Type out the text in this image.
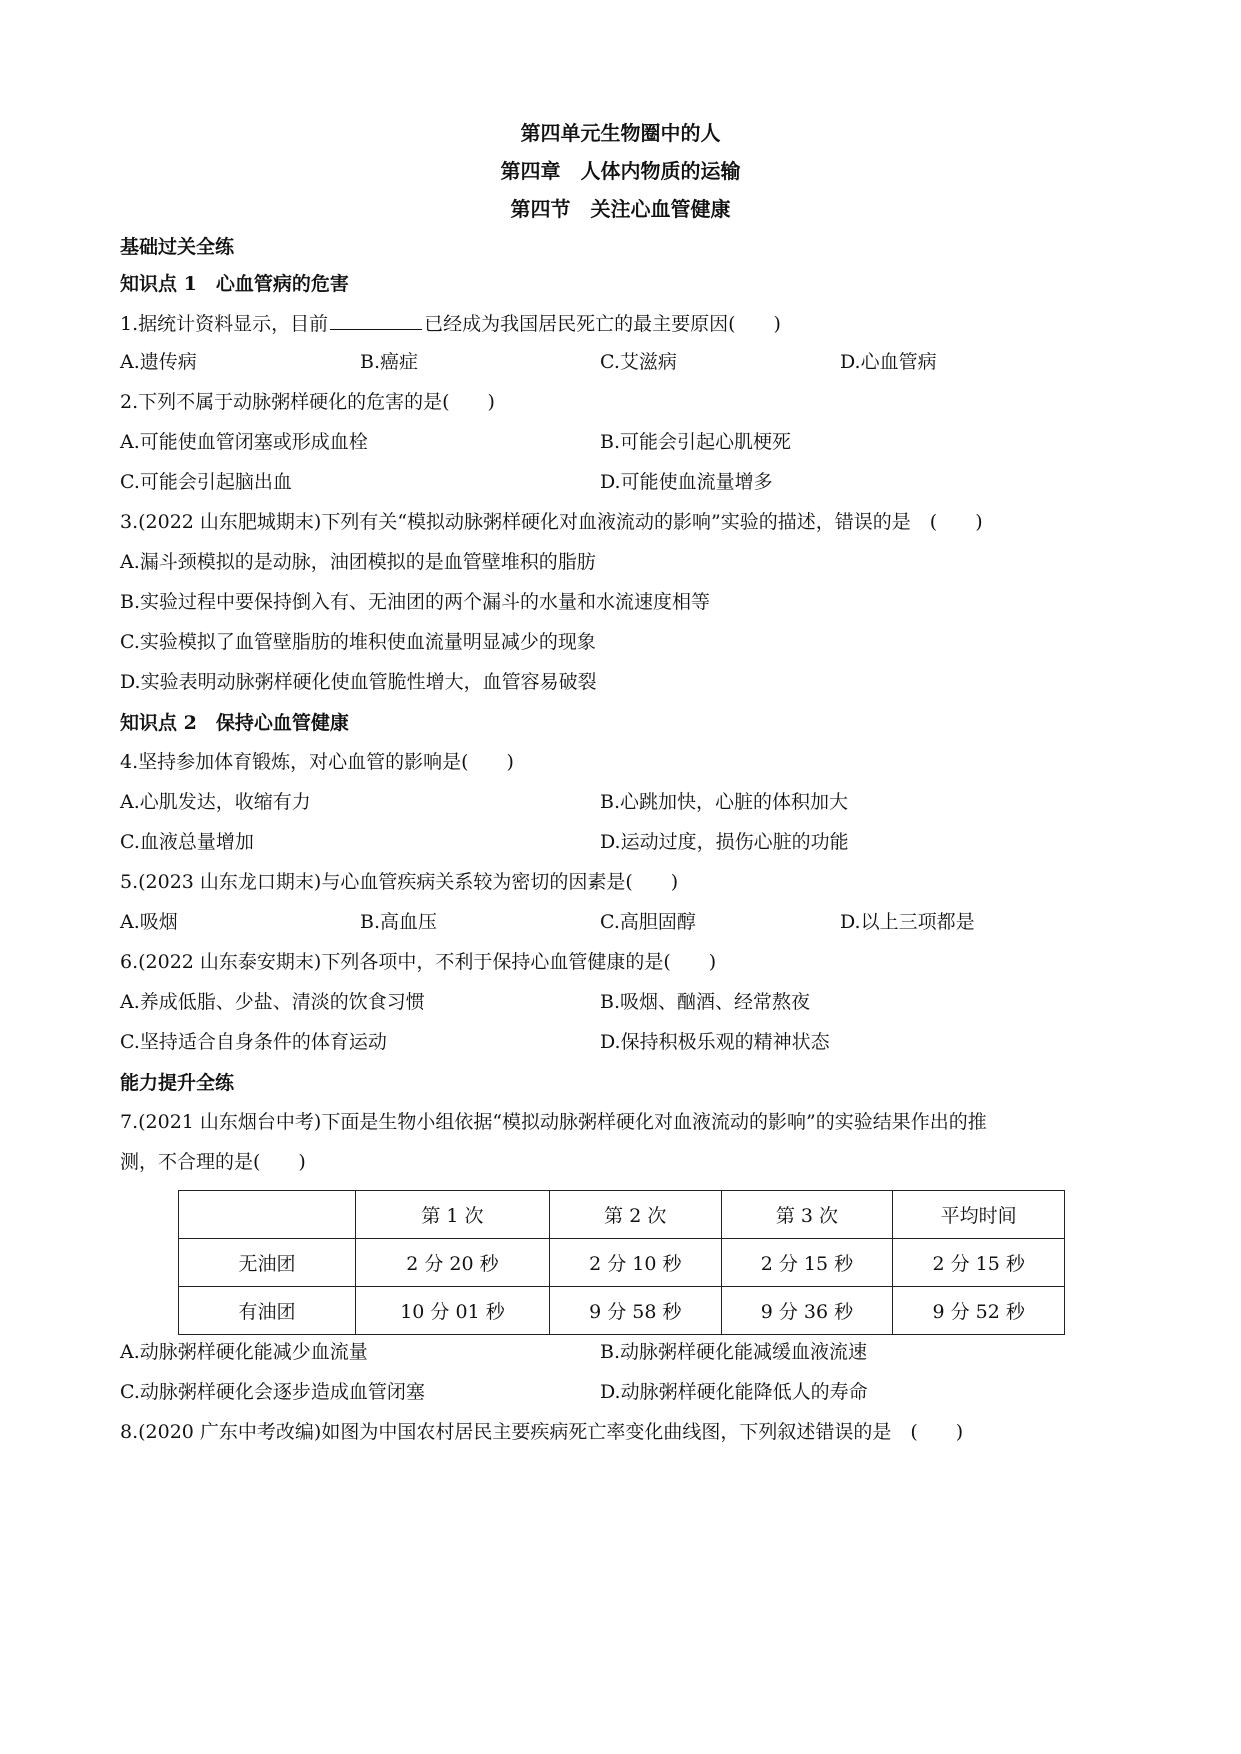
第四单元生物圈中的人
第四章　人体内物质的运输
第四节　关注心血管健康
基础过关全练
知识点 1　心血管病的危害
1.据统计资料显示，目前	已经成为我国居民死亡的最主要原因(　　)
A.遗传病	B.癌症	C.艾滋病	D.心血管病
2.下列不属于动脉粥样硬化的危害的是(　　)
A.可能使血管闭塞或形成血栓	B.可能会引起心肌梗死
C.可能会引起脑出血	D.可能使血流量增多
3.(2022 山东肥城期末)下列有关“模拟动脉粥样硬化对血液流动的影响”实验的描述，错误的是　(　　)
A.漏斗颈模拟的是动脉，油团模拟的是血管壁堆积的脂肪
B.实验过程中要保持倒入有、无油团的两个漏斗的水量和水流速度相等
C.实验模拟了血管壁脂肪的堆积使血流量明显减少的现象
D.实验表明动脉粥样硬化使血管脆性增大，血管容易破裂
知识点 2　保持心血管健康
4.坚持参加体育锻炼，对心血管的影响是(　　)
A.心肌发达，收缩有力	B.心跳加快，心脏的体积加大
C.血液总量增加	D.运动过度，损伤心脏的功能
5.(2023 山东龙口期末)与心血管疾病关系较为密切的因素是(　　)
A.吸烟	B.高血压	C.高胆固醇	D.以上三项都是
6.(2022 山东泰安期末)下列各项中，不利于保持心血管健康的是(　　)
A.养成低脂、少盐、清淡的饮食习惯	B.吸烟、酗酒、经常熬夜
C.坚持适合自身条件的体育运动	D.保持积极乐观的精神状态
能力提升全练
7.(2021 山东烟台中考)下面是生物小组依据“模拟动脉粥样硬化对血液流动的影响”的实验结果作出的推
测，不合理的是(　　)
	第 1 次	第 2 次	第 3 次	平均时间
无油团	2 分 20 秒	2 分 10 秒	2 分 15 秒	2 分 15 秒
有油团	10 分 01 秒	9 分 58 秒	9 分 36 秒	9 分 52 秒
A.动脉粥样硬化能减少血流量	B.动脉粥样硬化能减缓血液流速
C.动脉粥样硬化会逐步造成血管闭塞	D.动脉粥样硬化能降低人的寿命
8.(2020 广东中考改编)如图为中国农村居民主要疾病死亡率变化曲线图，下列叙述错误的是　(　　)
